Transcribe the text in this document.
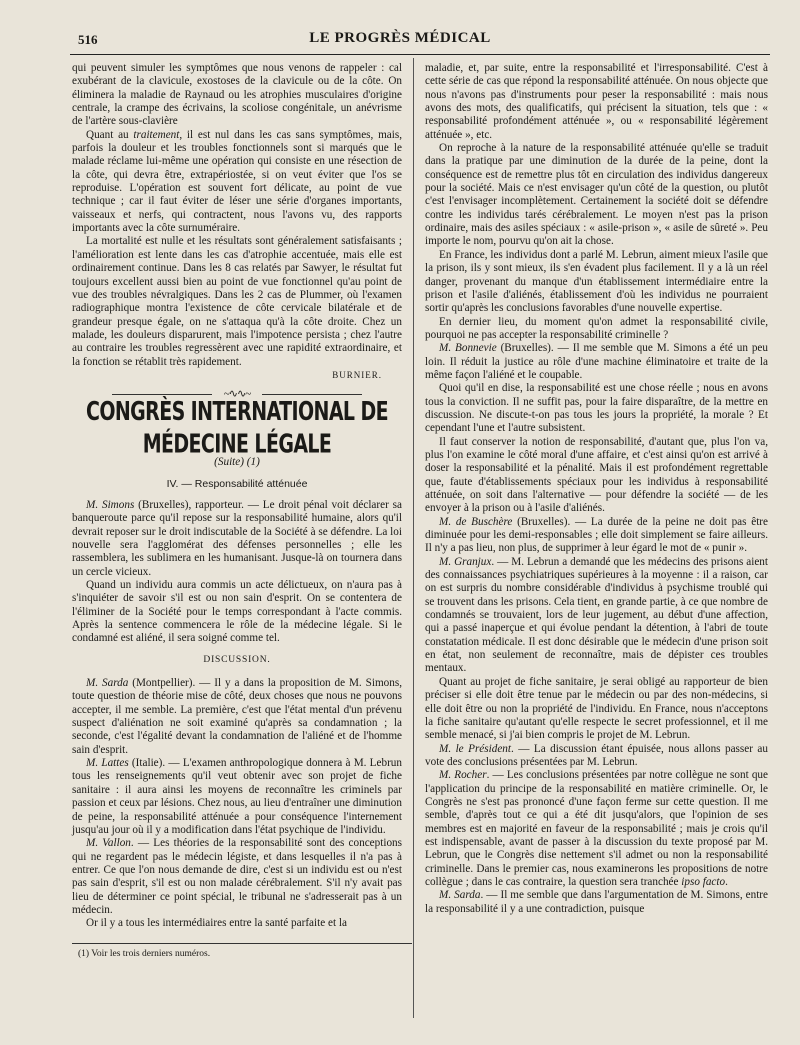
516	LE PROGRÈS MÉDICAL

qui peuvent simuler les symptômes que nous venons de rappeler : cal exubérant de la clavicule, exostoses de la clavicule ou de la côte. On éliminera la maladie de Raynaud ou les atrophies musculaires d'origine centrale, la crampe des écrivains, la scoliose congénitale, un anévrisme de l'artère sous-clavière

Quant au traitement, il est nul dans les cas sans symptômes, mais, parfois la douleur et les troubles fonctionnels sont si marqués que le malade réclame lui-même une opération qui consiste en une résection de la côte, qui devra être, extrapériostée, si on veut éviter que l'os se reproduise. L'opération est souvent fort délicate, au point de vue technique ; car il faut éviter de léser une série d'organes importants, vaisseaux et nerfs, qui contractent, nous l'avons vu, des rapports importants avec la côte surnuméraire.

La mortalité est nulle et les résultats sont généralement satisfaisants ; l'amélioration est lente dans les cas d'atrophie accentuée, mais elle est ordinairement continue. Dans les 8 cas relatés par Sawyer, le résultat fut toujours excellent aussi bien au point de vue fonctionnel qu'au point de vue des troubles névralgiques. Dans les 2 cas de Plummer, où l'examen radiographique montra l'existence de côte cervicale bilatérale et de grandeur presque égale, on ne s'attaqua qu'à la côte droite. Chez un malade, les douleurs disparurent, mais l'impotence persista ; chez l'autre au contraire les troubles regressèrent avec une rapidité extraordinaire, et la fonction se rétablit très rapidement.

BURNIER.

~∿∿~
CONGRÈS INTERNATIONAL DE MÉDECINE LÉGALE
(Suite) (1)
IV. — Responsabilité atténuée

M. Simons (Bruxelles), rapporteur. — Le droit pénal voit déclarer sa banqueroute parce qu'il repose sur la responsabilité humaine, alors qu'il devrait reposer sur le droit indiscutable de la Société à se défendre. La loi nouvelle sera l'agglomérat des défenses personnelles ; elle les rassemblera, les sublimera en les humanisant. Jusque-là on tournera dans un cercle vicieux.

Quand un individu aura commis un acte délictueux, on n'aura pas à s'inquiéter de savoir s'il est ou non sain d'esprit. On se contentera de l'éliminer de la Société pour le temps correspondant à l'acte commis. Après la sentence commencera le rôle de la médecine légale. Si le condamné est aliéné, il sera soigné comme tel.

DISCUSSION.

M. Sarda (Montpellier). — Il y a dans la proposition de M. Simons, toute question de théorie mise de côté, deux choses que nous ne pouvons accepter, il me semble. La première, c'est que l'état mental d'un prévenu suspect d'aliénation ne soit examiné qu'après sa condamnation ; la seconde, c'est l'égalité devant la condamnation de l'aliéné et de l'homme sain d'esprit.

M. Lattes (Italie). — L'examen anthropologique donnera à M. Lebrun tous les renseignements qu'il veut obtenir avec son projet de fiche sanitaire : il aura ainsi les moyens de reconnaître les criminels par passion et ceux par lésions. Chez nous, au lieu d'entraîner une diminution de peine, la responsabilité atténuée a pour conséquence l'internement jusqu'au jour où il y a modification dans l'état psychique de l'individu.

M. Vallon. — Les théories de la responsabilité sont des conceptions qui ne regardent pas le médecin légiste, et dans lesquelles il n'a pas à entrer. Ce que l'on nous demande de dire, c'est si un individu est ou n'est pas sain d'esprit, s'il est ou non malade cérébralement. S'il n'y avait pas lieu de déterminer ce point spécial, le tribunal ne s'adresserait pas à un médecin.

Or il y a tous les intermédiaires entre la santé parfaite et la

(1) Voir les trois derniers numéros.

maladie, et, par suite, entre la responsabilité et l'irresponsabilité. C'est à cette série de cas que répond la responsabilité atténuée. On nous objecte que nous n'avons pas d'instruments pour peser la responsabilité : mais nous avons des mots, des qualificatifs, qui précisent la situation, tels que : « responsabilité profondément atténuée », ou « responsabilité légèrement atténuée », etc.

On reproche à la nature de la responsabilité atténuée qu'elle se traduit dans la pratique par une diminution de la durée de la peine, dont la conséquence est de remettre plus tôt en circulation des individus dangereux pour la société. Mais ce n'est envisager qu'un côté de la question, ou plutôt c'est l'envisager incomplètement. Certainement la société doit se défendre contre les individus tarés cérébralement. Le moyen n'est pas la prison ordinaire, mais des asiles spéciaux : « asile-prison », « asile de sûreté ». Peu importe le nom, pourvu qu'on ait la chose.

En France, les individus dont a parlé M. Lebrun, aiment mieux l'asile que la prison, ils y sont mieux, ils s'en évadent plus facilement. Il y a là un réel danger, provenant du manque d'un établissement intermédiaire entre la prison et l'asile d'aliénés, établissement d'où les individus ne pourraient sortir qu'après les conclusions favorables d'une nouvelle expertise.

En dernier lieu, du moment qu'on admet la responsabilité civile, pourquoi ne pas accepter la responsabilité criminelle ?

M. Bonnevie (Bruxelles). — Il me semble que M. Simons a été un peu loin. Il réduit la justice au rôle d'une machine éliminatoire et traite de la même façon l'aliéné et le coupable.

Quoi qu'il en dise, la responsabilité est une chose réelle ; nous en avons tous la conviction. Il ne suffit pas, pour la faire disparaître, de la mettre en discussion. Ne discute-t-on pas tous les jours la propriété, la morale ? Et cependant l'une et l'autre subsistent.

Il faut conserver la notion de responsabilité, d'autant que, plus l'on va, plus l'on examine le côté moral d'une affaire, et c'est ainsi qu'on est arrivé à doser la responsabilité et la pénalité. Mais il est profondément regrettable que, faute d'établissements spéciaux pour les individus à responsabilité atténuée, on soit dans l'alternative — pour défendre la société — de les envoyer à la prison ou à l'asile d'aliénés.

M. de Buschère (Bruxelles). — La durée de la peine ne doit pas être diminuée pour les demi-responsables ; elle doit simplement se faire ailleurs. Il n'y a pas lieu, non plus, de supprimer à leur égard le mot de « punir ».

M. Granjux. — M. Lebrun a demandé que les médecins des prisons aient des connaissances psychiatriques supérieures à la moyenne : il a raison, car on est surpris du nombre considérable d'individus à psychisme troublé qui se trouvent dans les prisons. Cela tient, en grande partie, à ce que nombre de condamnés se trouvaient, lors de leur jugement, au début d'une affection, qui a passé inaperçue et qui évolue pendant la détention, à l'abri de toute constatation médicale. Il est donc désirable que le médecin d'une prison soit en état, non seulement de reconnaître, mais de dépister ces troubles mentaux.

Quant au projet de fiche sanitaire, je serai obligé au rapporteur de bien préciser si elle doit être tenue par le médecin ou par des non-médecins, si elle doit être ou non la propriété de l'individu. En France, nous n'acceptons la fiche sanitaire qu'autant qu'elle respecte le secret professionnel, et il me semble menacé, si j'ai bien compris le projet de M. Lebrun.

M. le Président. — La discussion étant épuisée, nous allons passer au vote des conclusions présentées par M. Lebrun.

M. Rocher. — Les conclusions présentées par notre collègue ne sont que l'application du principe de la responsabilité en matière criminelle. Or, le Congrès ne s'est pas prononcé d'une façon ferme sur cette question. Il me semble, d'après tout ce qui a été dit jusqu'alors, que l'opinion de ses membres est en majorité en faveur de la responsabilité ; mais je crois qu'il est indispensable, avant de passer à la discussion du texte proposé par M. Lebrun, que le Congrès dise nettement s'il admet ou non la responsabilité criminelle. Dans le premier cas, nous examinerons les propositions de notre collègue ; dans le cas contraire, la question sera tranchée ipso facto.

M. Sarda. — Il me semble que dans l'argumentation de M. Simons, entre la responsabilité il y a une contradiction, puisque
